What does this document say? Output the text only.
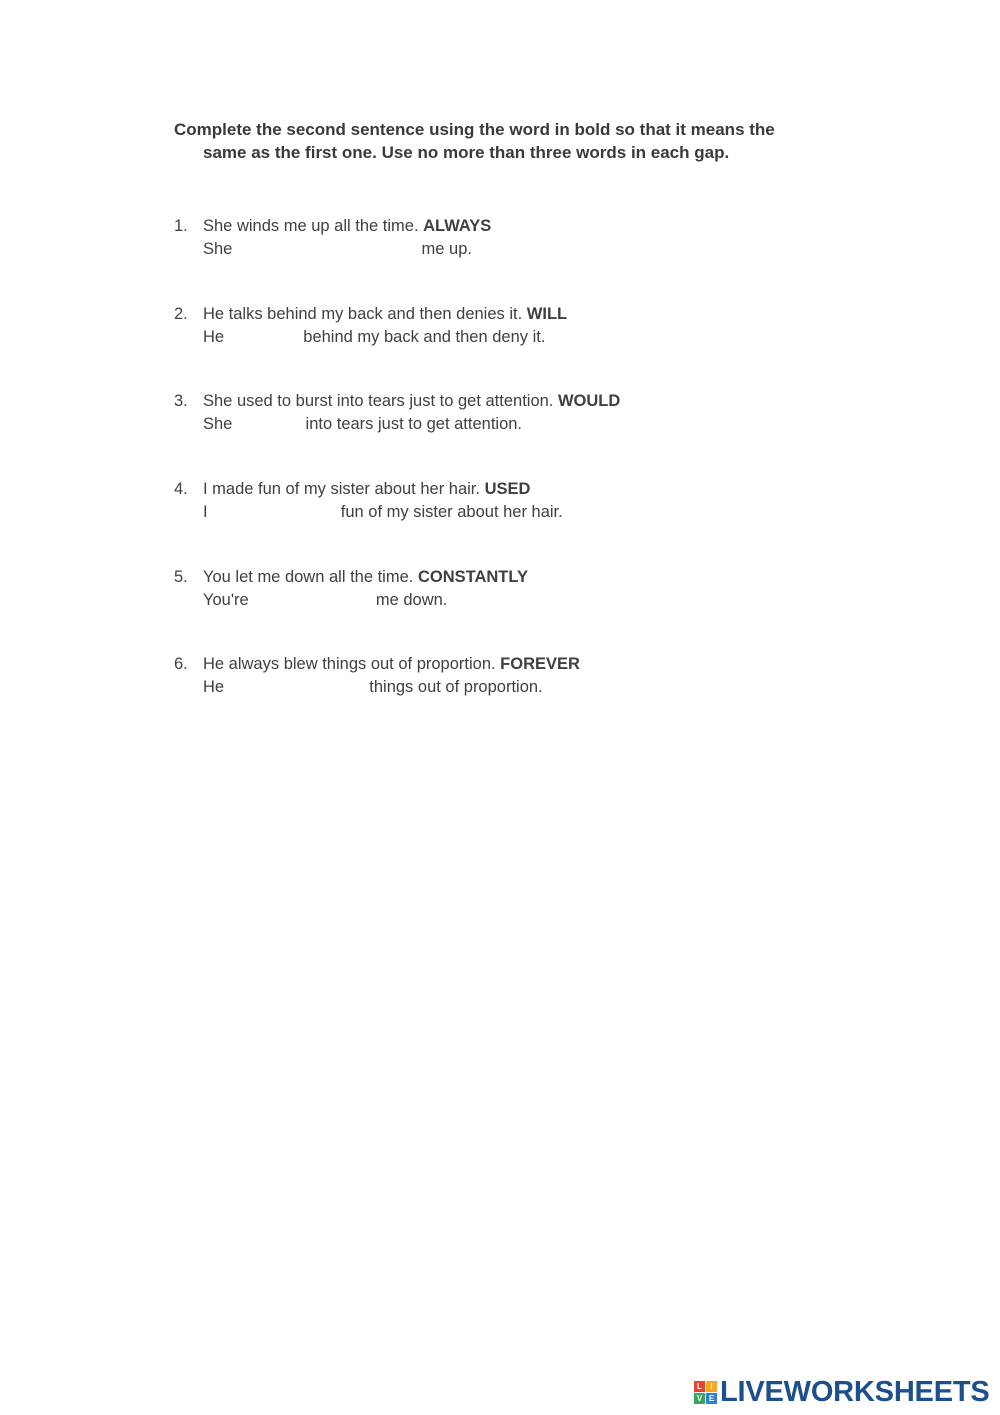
Complete the second sentence using the word in bold so that it means the
same as the first one. Use no more than three words in each gap.
1. She winds me up all the time. ALWAYS
She	me up.
2. He talks behind my back and then denies it. WILL
He	behind my back and then deny it.
3. She used to burst into tears just to get attention. WOULD
She	into tears just to get attention.
4. I made fun of my sister about her hair. USED
I	fun of my sister about her hair.
5. You let me down all the time. CONSTANTLY
You're	me down.
6. He always blew things out of proportion. FOREVER
He	things out of proportion.
L	I
V E LIVEWORKSHEETS
